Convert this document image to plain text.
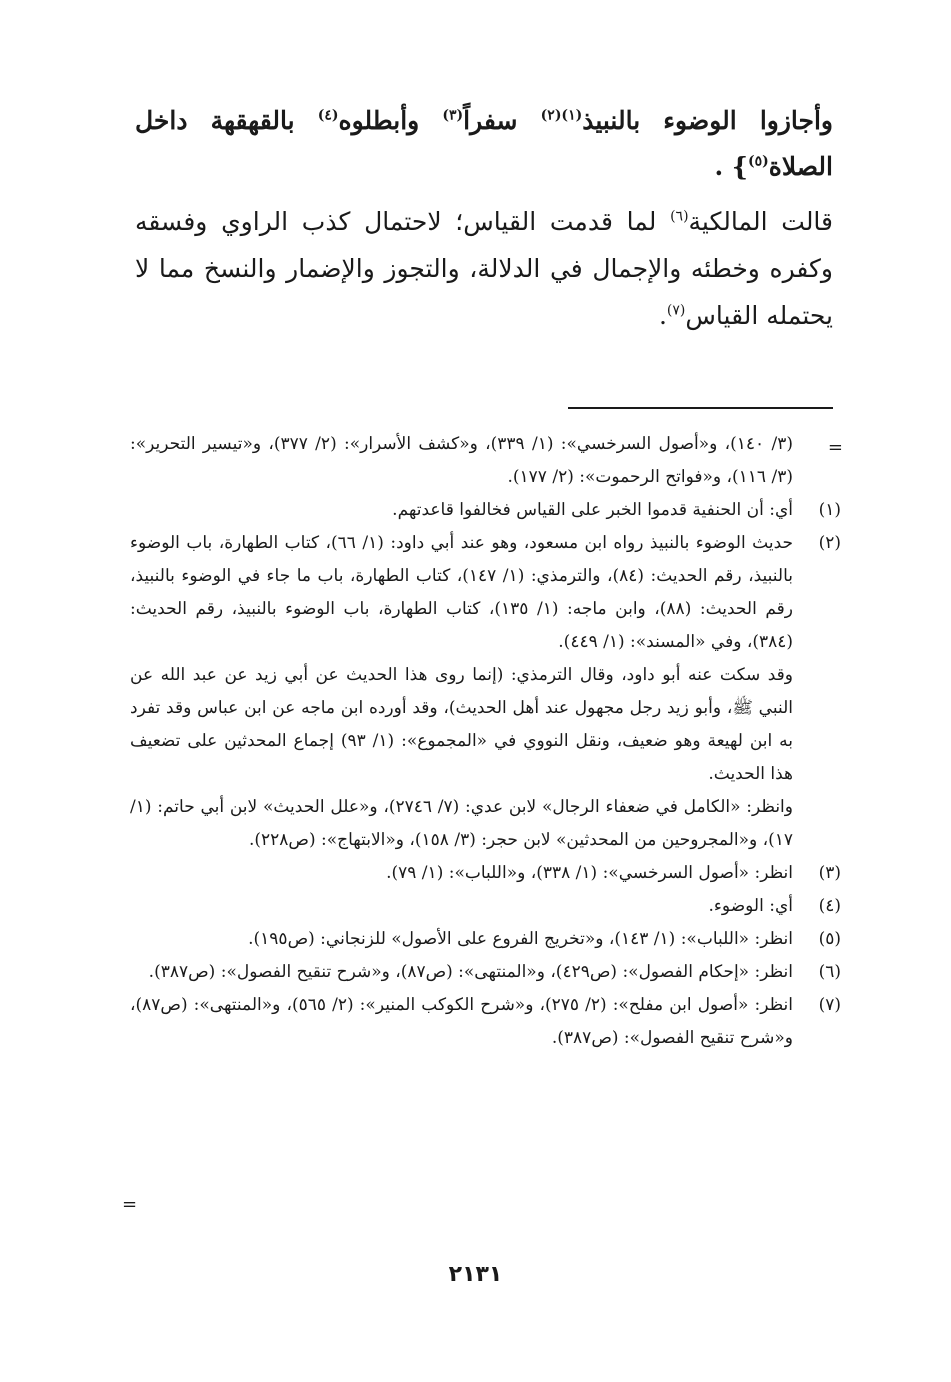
وأجازوا الوضوء بالنبيذ$^{(١)(٢)}$ سفراً$^{(٣)}$ وأبطلوه$^{(٤)}$ بالقهقهة داخل الصلاة$^{(٥)}$} .

قالت المالكية$^{(٦)}$ لما قدمت القياس؛ لاحتمال كذب الراوي وفسقه وكفره وخطئه والإجمال في الدلالة، والتجوز والإضمار والنسخ مما لا يحتمله القياس$^{(٧)}$.

=

(٣/ ١٤٠)، و«أصول السرخسي»: (١/ ٣٣٩)، و«كشف الأسرار»: (٢/ ٣٧٧)، و«تيسير التحرير»: (٣/ ١١٦)، و«فواتح الرحموت»: (٢/ ١٧٧).

(١)

أي: أن الحنفية قدموا الخبر على القياس فخالفوا قاعدتهم.

(٢)

حديث الوضوء بالنبيذ رواه ابن مسعود، وهو عند أبي داود: (١/ ٦٦)، كتاب الطهارة، باب الوضوء بالنبيذ، رقم الحديث: (٨٤)، والترمذي: (١/ ١٤٧)، كتاب الطهارة، باب ما جاء في الوضوء بالنبيذ، رقم الحديث: (٨٨)، وابن ماجه: (١/ ١٣٥)، كتاب الطهارة، باب الوضوء بالنبيذ، رقم الحديث: (٣٨٤)، وفي «المسند»: (١/ ٤٤٩).

وقد سكت عنه أبو داود، وقال الترمذي: (إنما روى هذا الحديث عن أبي زيد عن عبد الله عن النبي ﷺ، وأبو زيد رجل مجهول عند أهل الحديث)، وقد أورده ابن ماجه عن ابن عباس وقد تفرد به ابن لهيعة وهو ضعيف، ونقل النووي في «المجموع»: (١/ ٩٣) إجماع المحدثين على تضعيف هذا الحديث.

وانظر: «الكامل في ضعفاء الرجال» لابن عدي: (٧/ ٢٧٤٦)، و«علل الحديث» لابن أبي حاتم: (١/ ١٧)، و«المجروحين من المحدثين» لابن حجر: (٣/ ١٥٨)، و«الابتهاج»: (ص٢٢٨).

(٣)

انظر: «أصول السرخسي»: (١/ ٣٣٨)، و«اللباب»: (١/ ٧٩).

(٤)

أي: الوضوء.

(٥)

انظر: «اللباب»: (١/ ١٤٣)، و«تخريج الفروع على الأصول» للزنجاني: (ص١٩٥).

(٦)

انظر: «إحكام الفصول»: (ص٤٢٩)، و«المنتهى»: (ص٨٧)، و«شرح تنقيح الفصول»: (ص٣٨٧).

(٧)

انظر: «أصول ابن مفلح»: (٢/ ٢٧٥)، و«شرح الكوكب المنير»: (٢/ ٥٦٥)، و«المنتهى»: (ص٨٧)، و«شرح تنقيح الفصول»: (ص٣٨٧).

=
٢١٣١
